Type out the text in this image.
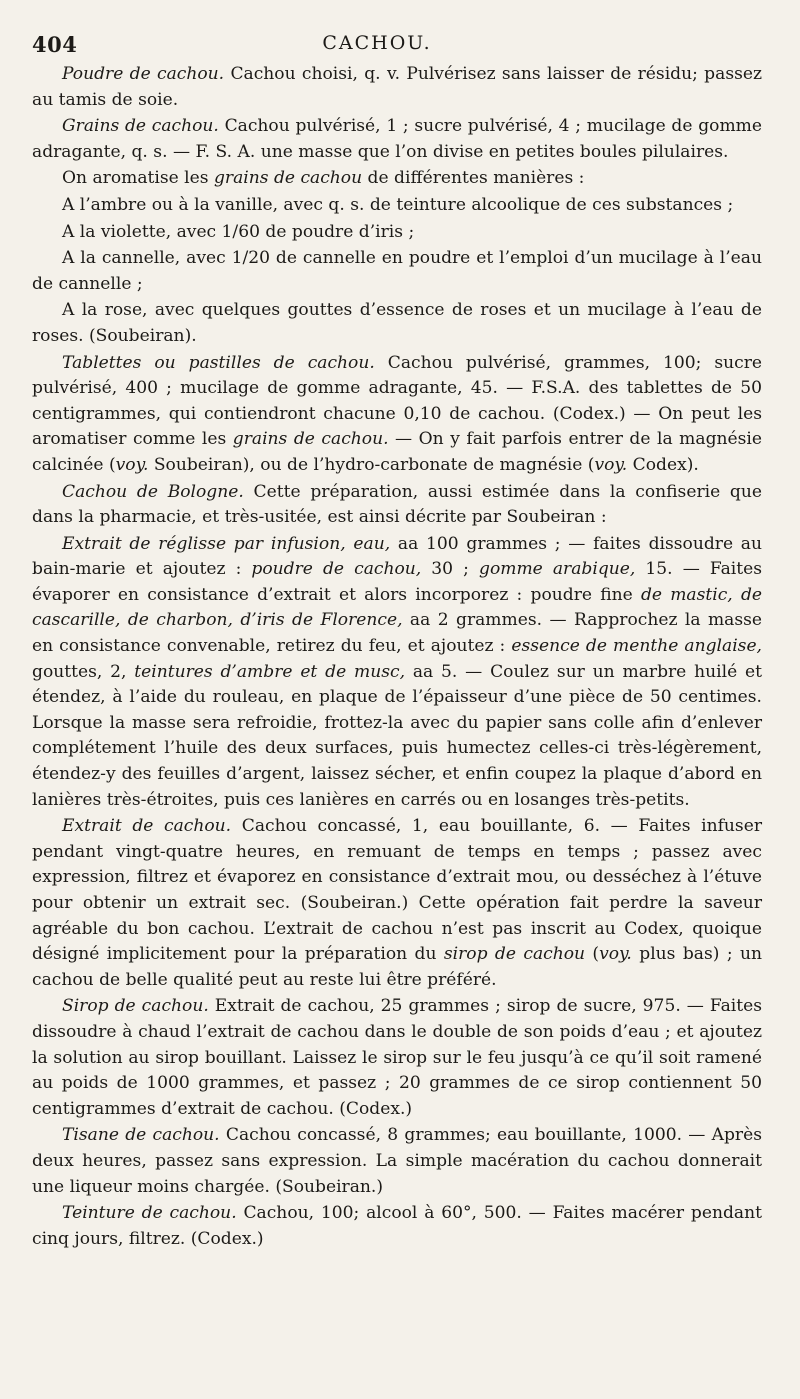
404	CACHOU.

Poudre de cachou. Cachou choisi, q. v. Pulvérisez sans laisser de résidu; passez au tamis de soie.

Grains de cachou. Cachou pulvérisé, 1 ; sucre pulvérisé, 4 ; mucilage de gomme adragante, q. s. — F. S. A. une masse que l’on divise en petites boules pilulaires.

On aromatise les grains de cachou de différentes manières :

A l’ambre ou à la vanille, avec q. s. de teinture alcoolique de ces substances ;

A la violette, avec 1/60 de poudre d’iris ;

A la cannelle, avec 1/20 de cannelle en poudre et l’emploi d’un mucilage à l’eau de cannelle ;

A la rose, avec quelques gouttes d’essence de roses et un mucilage à l’eau de roses. (Soubeiran).

Tablettes ou pastilles de cachou. Cachou pulvérisé, grammes, 100; sucre pulvérisé, 400 ; mucilage de gomme adragante, 45. — F.S.A. des tablettes de 50 centigrammes, qui contiendront chacune 0,10 de cachou. (Codex.) — On peut les aromatiser comme les grains de cachou. — On y fait parfois entrer de la magnésie calcinée (voy. Soubeiran), ou de l’hydro-carbonate de magnésie (voy. Codex).

Cachou de Bologne. Cette préparation, aussi estimée dans la confiserie que dans la pharmacie, et très-usitée, est ainsi décrite par Soubeiran :

Extrait de réglisse par infusion, eau, aa 100 grammes ; — faites dissoudre au bain-marie et ajoutez : poudre de cachou, 30 ; gomme arabique, 15. — Faites évaporer en consistance d’extrait et alors incorporez : poudre fine de mastic, de cascarille, de charbon, d’iris de Florence, aa 2 grammes. — Rapprochez la masse en consistance convenable, retirez du feu, et ajoutez : essence de menthe anglaise, gouttes, 2, teintures d’ambre et de musc, aa 5. — Coulez sur un marbre huilé et étendez, à l’aide du rouleau, en plaque de l’épaisseur d’une pièce de 50 centimes. Lorsque la masse sera refroidie, frottez-la avec du papier sans colle afin d’enlever complétement l’huile des deux surfaces, puis humectez celles-ci très-légèrement, étendez-y des feuilles d’argent, laissez sécher, et enfin coupez la plaque d’abord en lanières très-étroites, puis ces lanières en carrés ou en losanges très-petits.

Extrait de cachou. Cachou concassé, 1, eau bouillante, 6. — Faites infuser pendant vingt-quatre heures, en remuant de temps en temps ; passez avec expression, filtrez et évaporez en consistance d’extrait mou, ou desséchez à l’étuve pour obtenir un extrait sec. (Soubeiran.) Cette opération fait perdre la saveur agréable du bon cachou. L’extrait de cachou n’est pas inscrit au Codex, quoique désigné implicitement pour la préparation du sirop de cachou (voy. plus bas) ; un cachou de belle qualité peut au reste lui être préféré.

Sirop de cachou. Extrait de cachou, 25 grammes ; sirop de sucre, 975. — Faites dissoudre à chaud l’extrait de cachou dans le double de son poids d’eau ; et ajoutez la solution au sirop bouillant. Laissez le sirop sur le feu jusqu’à ce qu’il soit ramené au poids de 1000 grammes, et passez ; 20 grammes de ce sirop contiennent 50 centigrammes d’extrait de cachou. (Codex.)

Tisane de cachou. Cachou concassé, 8 grammes; eau bouillante, 1000. — Après deux heures, passez sans expression. La simple macération du cachou donnerait une liqueur moins chargée. (Soubeiran.)

Teinture de cachou. Cachou, 100; alcool à 60°, 500. — Faites macérer pendant cinq jours, filtrez. (Codex.)
